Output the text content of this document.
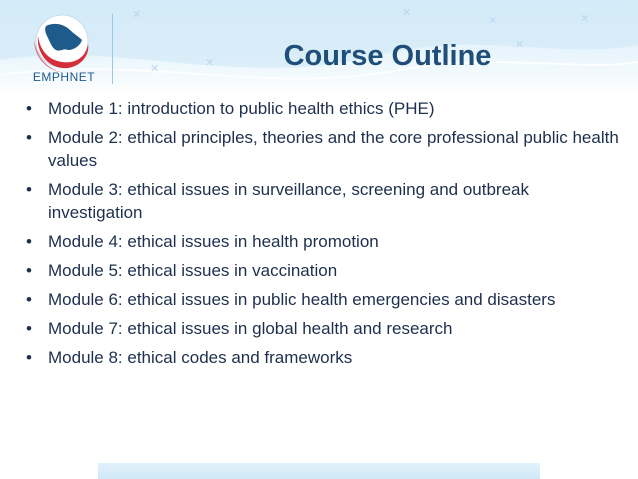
✕
✕	✕
✕
✕
✕
✕
EMPHNET
Course Outline
• Module 1: introduction to public health ethics (PHE)
• Module 2: ethical principles, theories and the core professional public health values
• Module 3: ethical issues in surveillance, screening and outbreak investigation
• Module 4: ethical issues in health promotion
• Module 5: ethical issues in vaccination
• Module 6: ethical issues in public health emergencies and disasters
• Module 7: ethical issues in global health and research
• Module 8: ethical codes and frameworks
